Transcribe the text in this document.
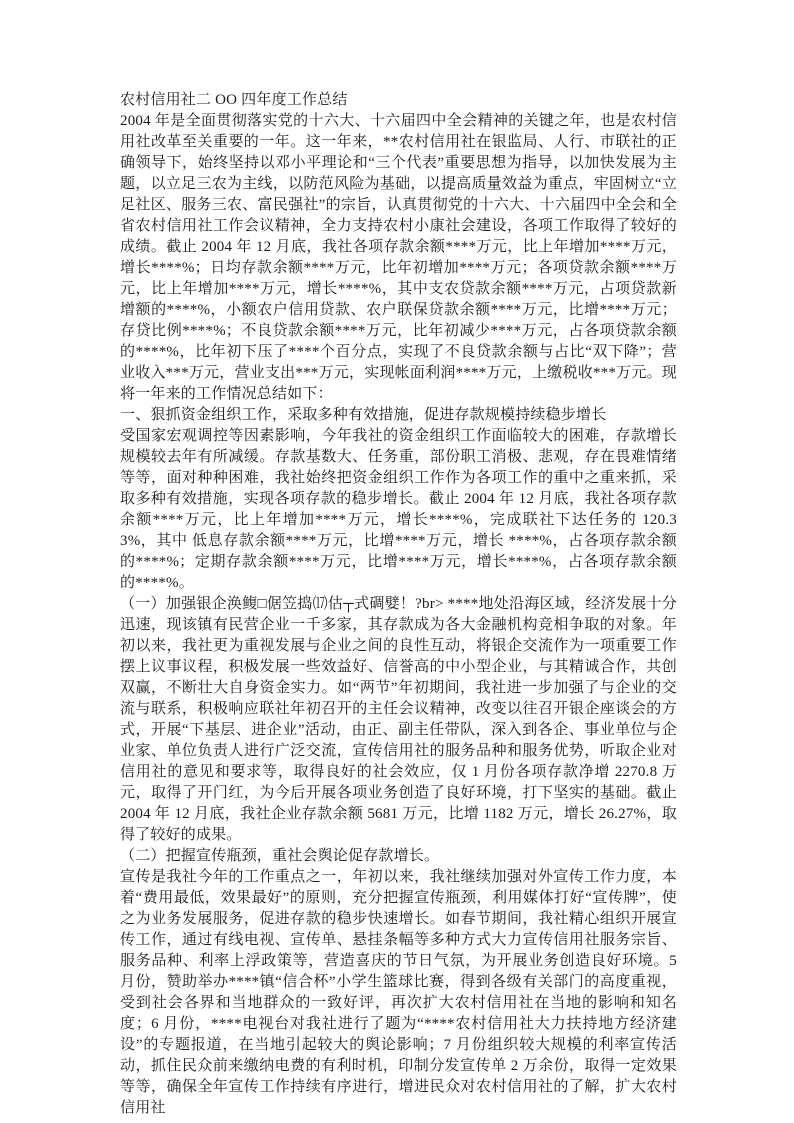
农村信用社二 OO 四年度工作总结

2004 年是全面贯彻落实党的十六大、十六届四中全会精神的关键之年，也是农村信用社改革至关重要的一年。这一年来，**农村信用社在银监局、人行、市联社的正确领导下，始终坚持以邓小平理论和“三个代表”重要思想为指导，以加快发展为主题，以立足三农为主线，以防范风险为基础，以提高质量效益为重点，牢固树立“立足社区、服务三农、富民强社”的宗旨，认真贯彻党的十六大、十六届四中全会和全省农村信用社工作会议精神，全力支持农村小康社会建设，各项工作取得了较好的成绩。截止 2004 年 12 月底，我社各项存款余额****万元，比上年增加****万元，增长****%；日均存款余额****万元，比年初增加****万元；各项贷款余额****万元，比上年增加****万元，增长****%，其中支农贷款余额****万元，占项贷款新增额的****%，小额农户信用贷款、农户联保贷款余额****万元，比增****万元；存贷比例****%；不良贷款余额****万元，比年初减少****万元，占各项贷款余额的****%，比年初下压了****个百分点，实现了不良贷款余额与占比“双下降”；营业收入***万元，营业支出***万元，实现帐面利润****万元，上缴税收***万元。现将一年来的工作情况总结如下：

一、狠抓资金组织工作，采取多种有效措施，促进存款规模持续稳步增长

受国家宏观调控等因素影响，今年我社的资金组织工作面临较大的困难，存款增长规模较去年有所减缓。存款基数大、任务重，部份职工消极、悲观，存在畏难情绪等等，面对种种困难，我社始终把资金组织工作作为各项工作的重中之重来抓，采取多种有效措施，实现各项存款的稳步增长。截止 2004 年 12 月底，我社各项存款余额****万元，比上年增加****万元，增长****%，完成联社下达任务的 120.33%，其中 低息存款余额****万元，比增****万元，增长 ****%，占各项存款余额的****%；定期存款余额****万元，比增****万元，增长****%，占各项存款余额的****%。

（一）加强银企涣鳆□倨笠捣⒄估┬式碉嬖！?br> ****地处沿海区域，经济发展十分迅速，现该镇有民营企业一千多家，其存款成为各大金融机构竞相争取的对象。年初以来，我社更为重视发展与企业之间的良性互动，将银企交流作为一项重要工作摆上议事议程，积极发展一些效益好、信誉高的中小型企业，与其精诚合作，共创双赢，不断壮大自身资金实力。如“两节”年初期间，我社进一步加强了与企业的交流与联系，积极响应联社年初召开的主任会议精神，改变以往召开银企座谈会的方式，开展“下基层、进企业”活动，由正、副主任带队，深入到各企、事业单位与企业家、单位负责人进行广泛交流，宣传信用社的服务品种和服务优势，听取企业对信用社的意见和要求等，取得良好的社会效应，仅 1 月份各项存款净增 2270.8 万元，取得了开门红，为今后开展各项业务创造了良好环境，打下坚实的基础。截止 2004 年 12 月底，我社企业存款余额 5681 万元，比增 1182 万元，增长 26.27%，取得了较好的成果。

（二）把握宣传瓶颈，重社会舆论促存款增长。

宣传是我社今年的工作重点之一，年初以来，我社继续加强对外宣传工作力度，本着“费用最低，效果最好”的原则，充分把握宣传瓶颈，利用媒体打好“宣传牌”，使之为业务发展服务，促进存款的稳步快速增长。如春节期间，我社精心组织开展宣传工作，通过有线电视、宣传单、悬挂条幅等多种方式大力宣传信用社服务宗旨、服务品种、利率上浮政策等，营造喜庆的节日气氛，为开展业务创造良好环境。5 月份，赞助举办****镇“信合杯”小学生篮球比赛，得到各级有关部门的高度重视，受到社会各界和当地群众的一致好评，再次扩大农村信用社在当地的影响和知名度；6 月份，****电视台对我社进行了题为“****农村信用社大力扶持地方经济建设”的专题报道，在当地引起较大的舆论影响；7 月份组织较大规模的利率宣传活动，抓住民众前来缴纳电费的有利时机，印制分发宣传单 2 万余份，取得一定效果等等，确保全年宣传工作持续有序进行，增进民众对农村信用社的了解，扩大农村信用社
